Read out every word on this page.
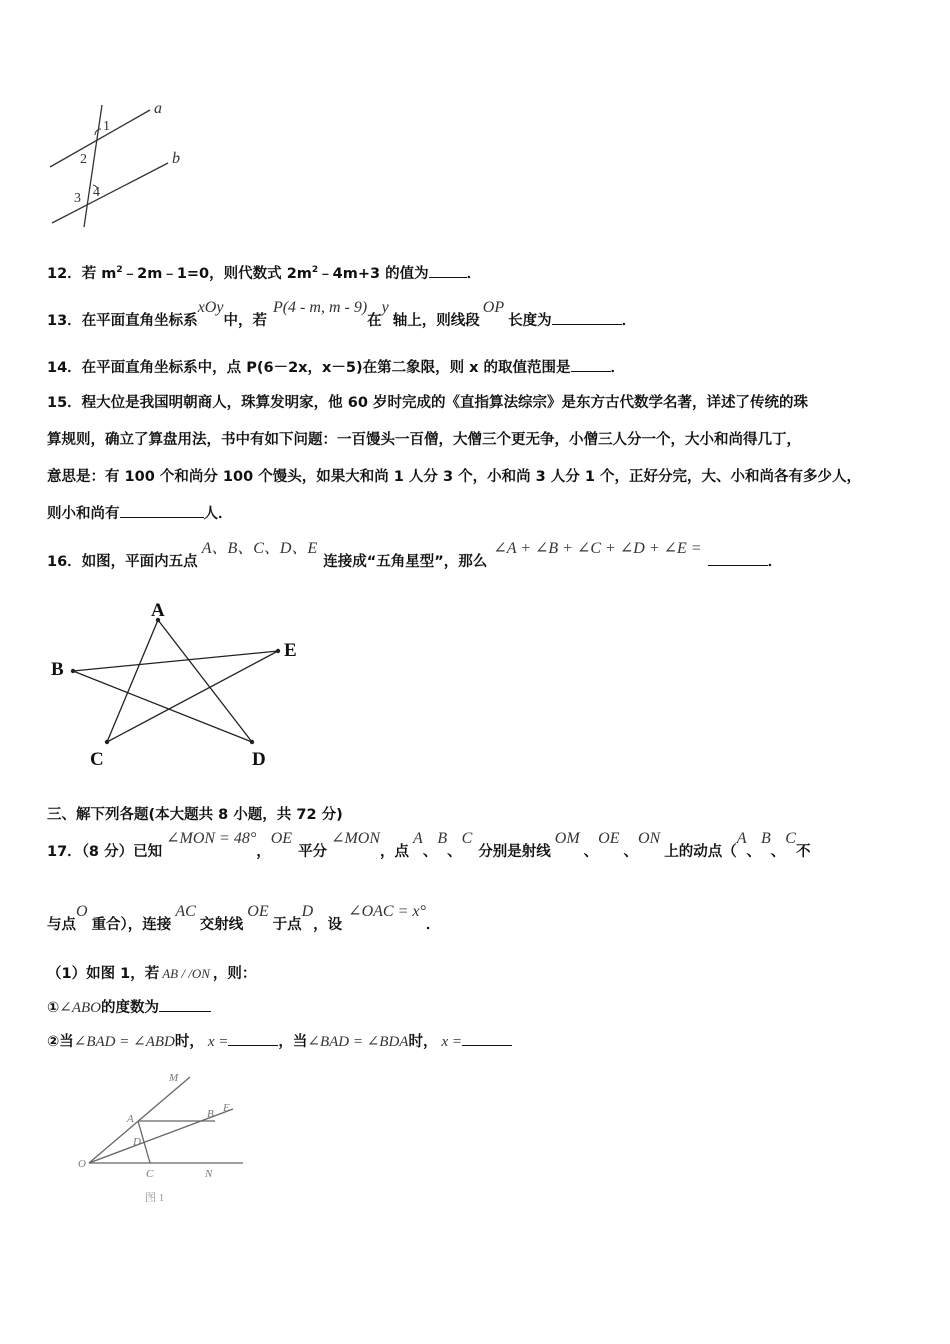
a
b
1
2
3 4
12．若 $m^2﹣2m﹣1=0$，则代数式 $2m^2﹣4m+3$ 的值为	．
13．在平面直角坐标系xOy中，若P(4 - m, m - 9)在y轴上，则线段OP长度为	．
14．在平面直角坐标系中，点 P(6－2x，x－5)在第二象限，则 x 的取值范围是	．
15．程大位是我国明朝商人，珠算发明家，他 60 岁时完成的《直指算法综宗》是东方古代数学名著，详述了传统的珠
算规则，确立了算盘用法，书中有如下问题：一百馒头一百僧，大僧三个更无争，小僧三人分一个，大小和尚得几丁，
意思是：有 100 个和尚分 100 个馒头，如果大和尚 1 人分 3 个，小和尚 3 人分 1 个，正好分完，大、小和尚各有多少人，
则小和尚有	人．
16．如图，平面内五点A、B、C、D、E连接成“五角星型”，那么∠A + ∠B + ∠C + ∠D + ∠E =．
A
B
E
C	D
三、解下列各题(本大题共 8 小题，共 72 分)
17．（8 分）已知∠MON = 48°，OE平分∠MON，点A、B、C分别是射线OM、OE、ON上的动点（A、B、C不
与点O重合），连接AC交射线OE于点D，设∠OAC = x°．
（1）如图 1，若 AB / /ON ，则：
①∠ABO的度数为
②当∠BAD = ∠ABD时， x =	，当∠BAD = ∠BDA时， x =
M
A	B E
D
O
C	N
图 1
